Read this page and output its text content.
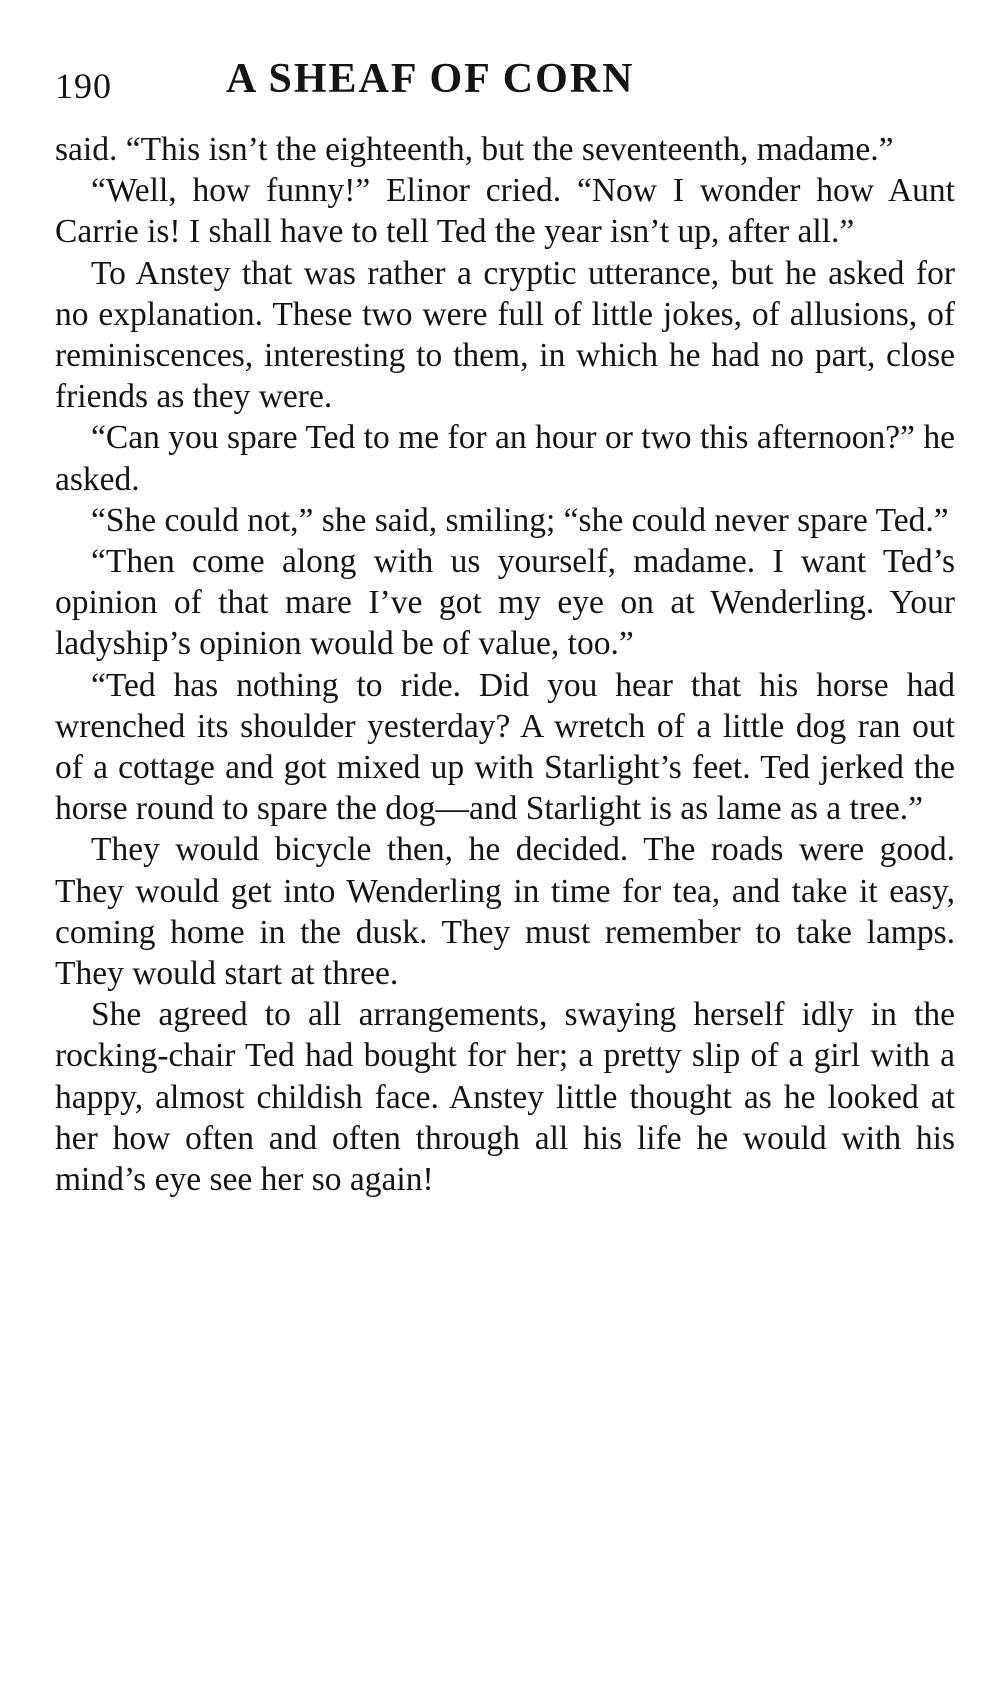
190	A SHEAF OF CORN

said. “This isn’t the eighteenth, but the seventeenth, madame.”

“Well, how funny!” Elinor cried. “Now I wonder how Aunt Carrie is! I shall have to tell Ted the year isn’t up, after all.”

To Anstey that was rather a cryptic utterance, but he asked for no explanation. These two were full of little jokes, of allusions, of reminiscences, interesting to them, in which he had no part, close friends as they were.

“Can you spare Ted to me for an hour or two this afternoon?” he asked.

“She could not,” she said, smiling; “she could never spare Ted.”

“Then come along with us yourself, madame. I want Ted’s opinion of that mare I’ve got my eye on at Wenderling. Your ladyship’s opinion would be of value, too.”

“Ted has nothing to ride. Did you hear that his horse had wrenched its shoulder yesterday? A wretch of a little dog ran out of a cottage and got mixed up with Starlight’s feet. Ted jerked the horse round to spare the dog—and Starlight is as lame as a tree.”

They would bicycle then, he decided. The roads were good. They would get into Wenderling in time for tea, and take it easy, coming home in the dusk. They must remember to take lamps. They would start at three.

She agreed to all arrangements, swaying herself idly in the rocking-chair Ted had bought for her; a pretty slip of a girl with a happy, almost childish face. Anstey little thought as he looked at her how often and often through all his life he would with his mind’s eye see her so again!
